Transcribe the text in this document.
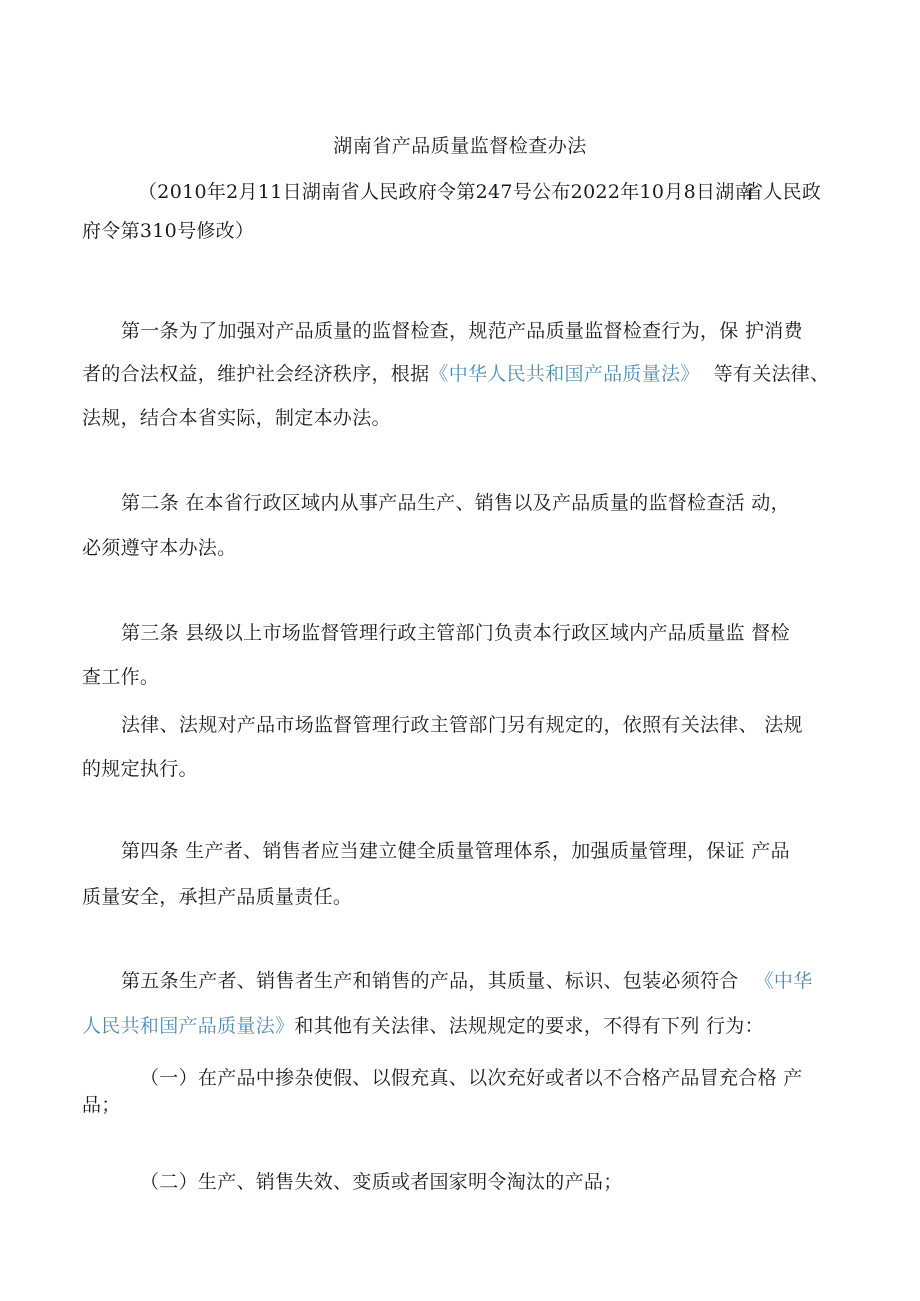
湖南省产品质量监督检查办法
（2010年2月11日湖南省人民政府令第247号公布2022年10月8日湖南
省人民政
府令第310号修改）
第一条为了加强对产品质量的监督检查，规范产品质量监督检查行为，保 护消费
者的合法权益，维护社会经济秩序，根据《中华人民共和国产品质量法》 等有关法律、
法规，结合本省实际，制定本办法。
第二条 在本省行政区域内从事产品生产、销售以及产品质量的监督检查活 动，
必须遵守本办法。
第三条 县级以上市场监督管理行政主管部门负责本行政区域内产品质量监 督检
查工作。
法律、法规对产品市场监督管理行政主管部门另有规定的，依照有关法律、 法规
的规定执行。
第四条 生产者、销售者应当建立健全质量管理体系，加强质量管理，保证 产品
质量安全，承担产品质量责任。
第五条生产者、销售者生产和销售的产品，其质量、标识、包装必须符合 《中华
人民共和国产品质量法》和其他有关法律、法规规定的要求，不得有下列 行为：
（一）在产品中掺杂使假、以假充真、以次充好或者以不合格产品冒充合格 产
品；
（二）生产、销售失效、变质或者国家明令淘汰的产品；
